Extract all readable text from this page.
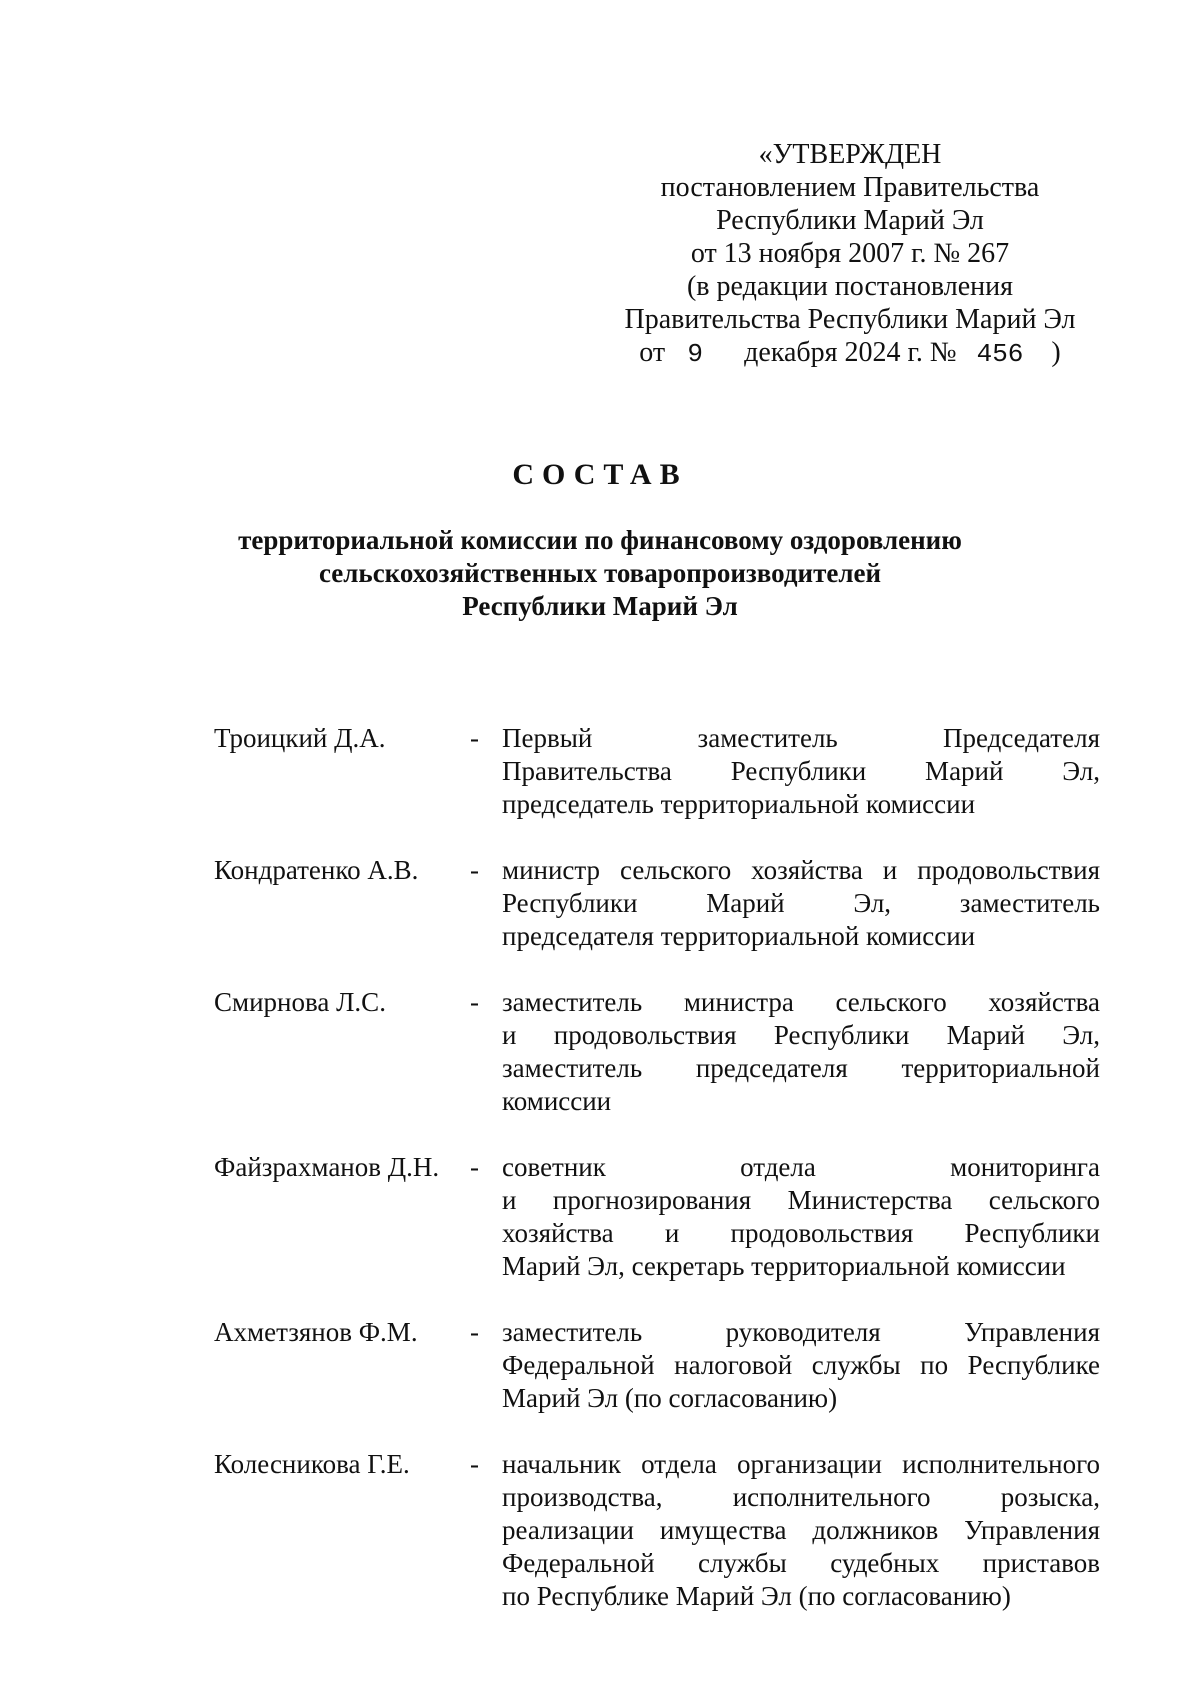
«УТВЕРЖДЕН
постановлением Правительства
Республики Марий Эл
от 13 ноября 2007 г. № 267
(в редакции постановления
Правительства Республики Марий Эл
от 9 декабря 2024 г. № 456 )
СОСТАВ
территориальной комиссии по финансовому оздоровлению
сельскохозяйственных товаропроизводителей
Республики Марий Эл
Троицкий Д.А.	- Первый заместитель Председателя
Правительства Республики Марий Эл,
председатель территориальной комиссии
Кондратенко А.В.	- министр сельского хозяйства и продовольствия
Республики Марий Эл, заместитель
председателя территориальной комиссии
Смирнова Л.С.	- заместитель министра сельского хозяйства
и продовольствия Республики Марий Эл,
заместитель председателя территориальной
комиссии
Файзрахманов Д.Н.	- советник отдела мониторинга
и прогнозирования Министерства сельского
хозяйства и продовольствия Республики
Марий Эл, секретарь территориальной комиссии
Ахметзянов Ф.М.	- заместитель руководителя Управления
Федеральной налоговой службы по Республике
Марий Эл (по согласованию)
Колесникова Г.Е.	- начальник отдела организации исполнительного
производства, исполнительного розыска,
реализации имущества должников Управления
Федеральной службы судебных приставов
по Республике Марий Эл (по согласованию)
